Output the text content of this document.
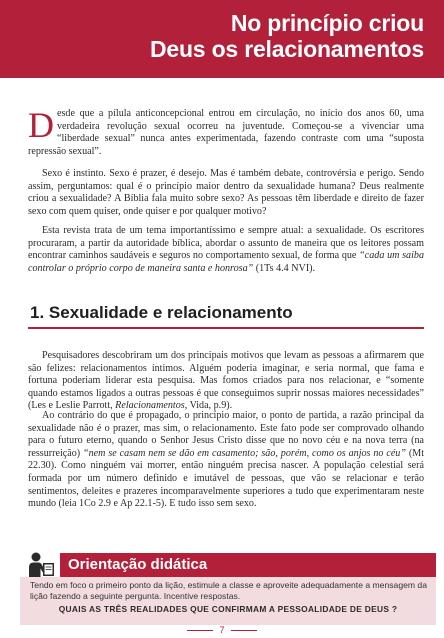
No princípio criou
Deus os relacionamentos

Desde que a pílula anticoncepcional entrou em circulação, no início dos anos 60, uma verdadeira revolução sexual ocorreu na juventude. Começou-se a vivenciar uma “liberdade sexual” nunca antes experimentada, fazendo contraste com uma “suposta repressão sexual”.

Sexo é instinto. Sexo é prazer, é desejo. Mas é também debate, controvérsia e perigo. Sendo assim, perguntamos: qual é o princípio maior dentro da sexualidade humana? Deus realmente criou a sexualidade? A Bíblia fala muito sobre sexo? As pessoas têm liberdade e direito de fazer sexo com quem quiser, onde quiser e por qualquer motivo?

Esta revista trata de um tema importantíssimo e sempre atual: a sexualidade. Os escritores procuraram, a partir da autoridade bíblica, abordar o assunto de maneira que os leitores possam encontrar caminhos saudáveis e seguros no comportamento sexual, de forma que “cada um saiba controlar o próprio corpo de maneira santa e honrosa” (1Ts 4.4 NVI).

1. Sexualidade e relacionamento

Pesquisadores descobriram um dos principais motivos que levam as pessoas a afirmarem que são felizes: relacionamentos íntimos. Alguém poderia imaginar, e seria normal, que fama e fortuna poderiam liderar esta pesquisa. Mas fomos criados para nos relacionar, e “somente quando estamos ligados a outras pessoas é que conseguimos suprir nossas maiores necessidades” (Les e Leslie Parrott, Relacionamentos, Vida, p.9).

Ao contrário do que é propagado, o princípio maior, o ponto de partida, a razão principal da sexualidade não é o prazer, mas sim, o relacionamento. Este fato pode ser comprovado olhando para o futuro eterno, quando o Senhor Jesus Cristo disse que no novo céu e na nova terra (na ressurreição) “nem se casam nem se dão em casamento; são, porém, como os anjos no céu” (Mt 22.30). Como ninguém vai morrer, então ninguém precisa nascer. A população celestial será formada por um número definido e imutável de pessoas, que vão se relacionar e terão sentimentos, deleites e prazeres incomparavelmente superiores a tudo que experimentaram neste mundo (leia 1Co 2.9 e Ap 22.1-5). E tudo isso sem sexo.

Orientação didática
Tendo em foco o primeiro ponto da lição, estimule a classe e aproveite adequadamente a mensagem da lição fazendo a seguinte pergunta. Incentive respostas.
QUAIS AS TRÊS REALIDADES QUE CONFIRMAM A PESSOALIDADE DE DEUS ?
7
